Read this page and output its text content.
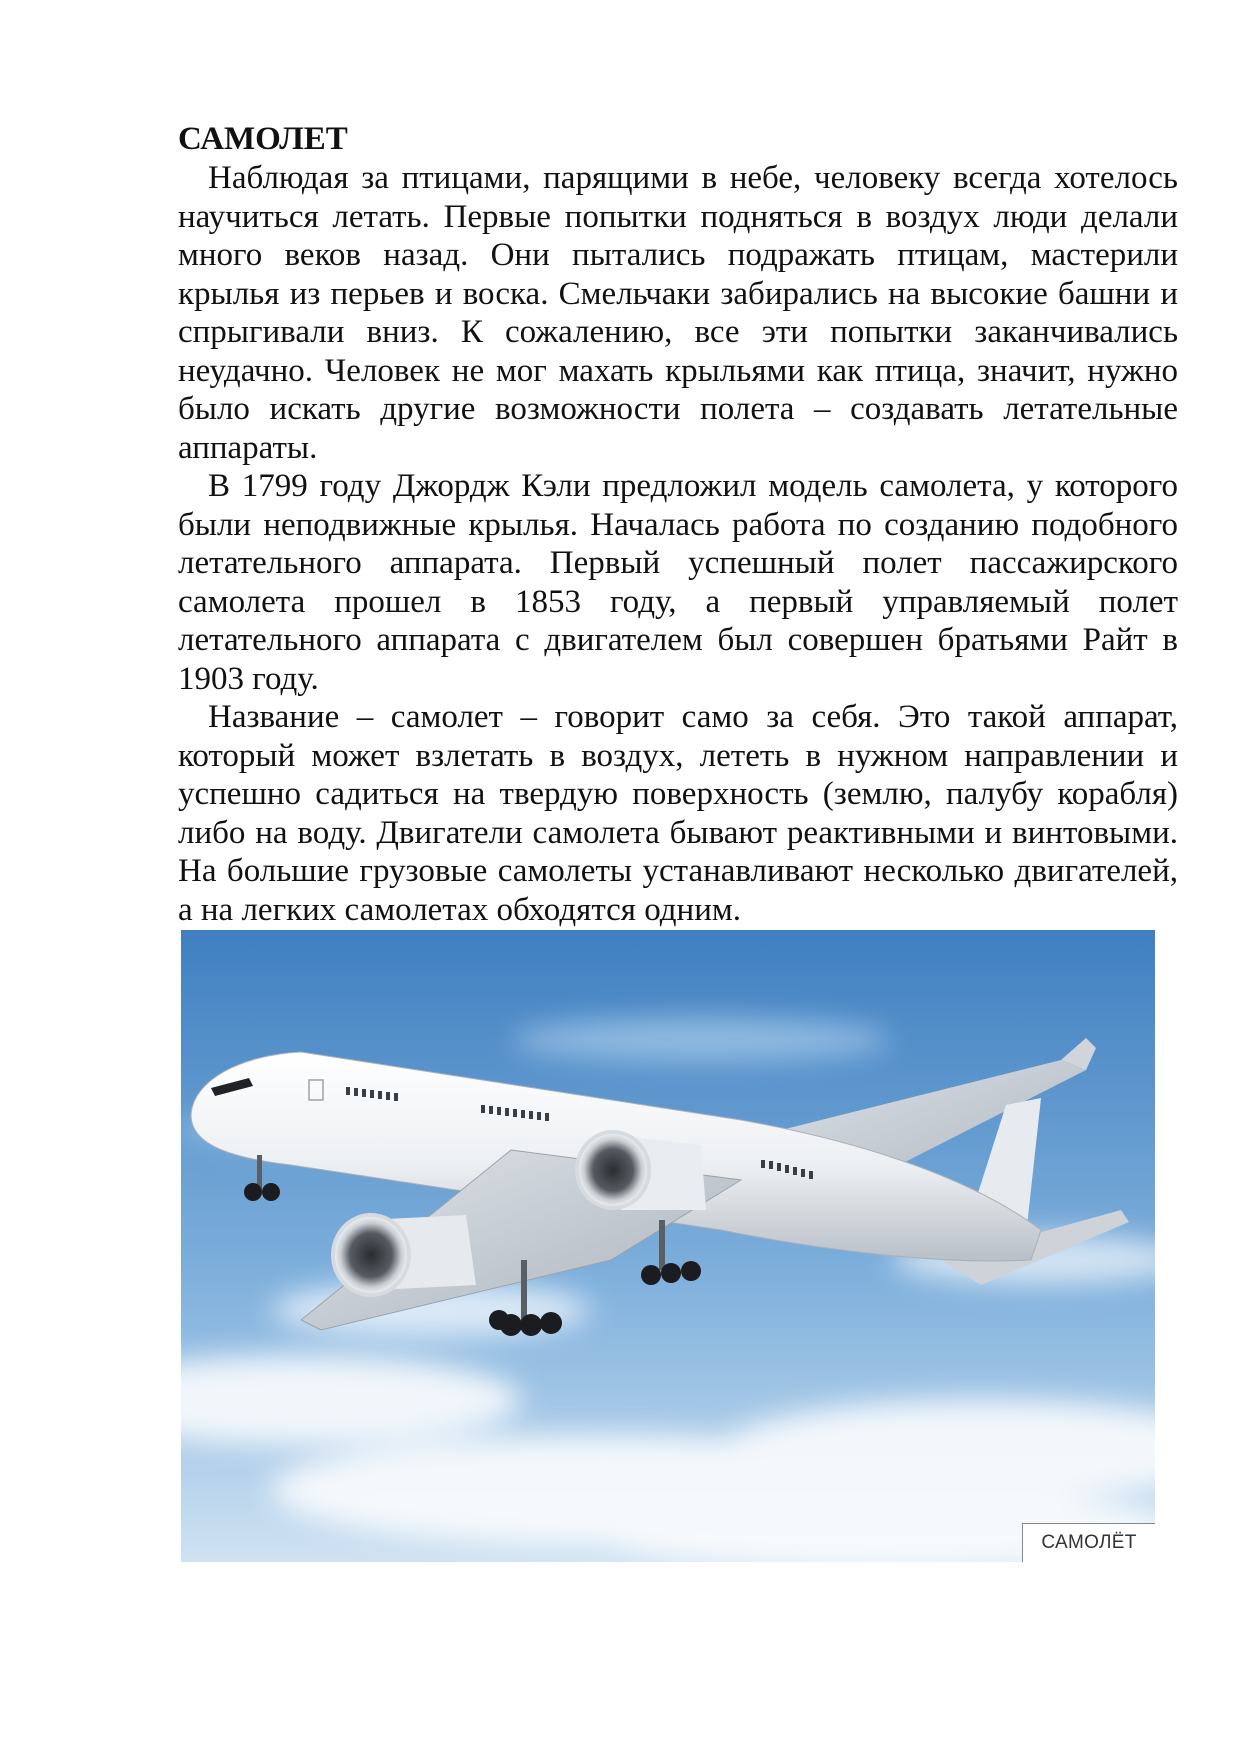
САМОЛЕТ

Наблюдая за птицами, парящими в небе, человеку всегда хотелось научиться летать. Первые попытки подняться в воздух люди делали много веков назад. Они пытались подражать птицам, мастерили крылья из перьев и воска. Смельчаки забирались на высокие башни и спрыгивали вниз. К сожалению, все эти попытки заканчивались неудачно. Человек не мог махать крыльями как птица, значит, нужно было искать другие возможности полета – создавать летательные аппараты.

В 1799 году Джордж Кэли предложил модель самолета, у которого были неподвижные крылья. Началась работа по созданию подобного летательного аппарата. Первый успешный полет пассажирского самолета прошел в 1853 году, а первый управляемый полет летательного аппарата с двигателем был совершен братьями Райт в 1903 году.

Название – самолет – говорит само за себя. Это такой аппарат, который может взлетать в воздух, лететь в нужном направлении и успешно садиться на твердую поверхность (землю, палубу корабля) либо на воду. Двигатели самолета бывают реактивными и винтовыми. На большие грузовые самолеты устанавливают несколько двигателей, а на легких самолетах обходятся одним.

САМОЛЁТ
